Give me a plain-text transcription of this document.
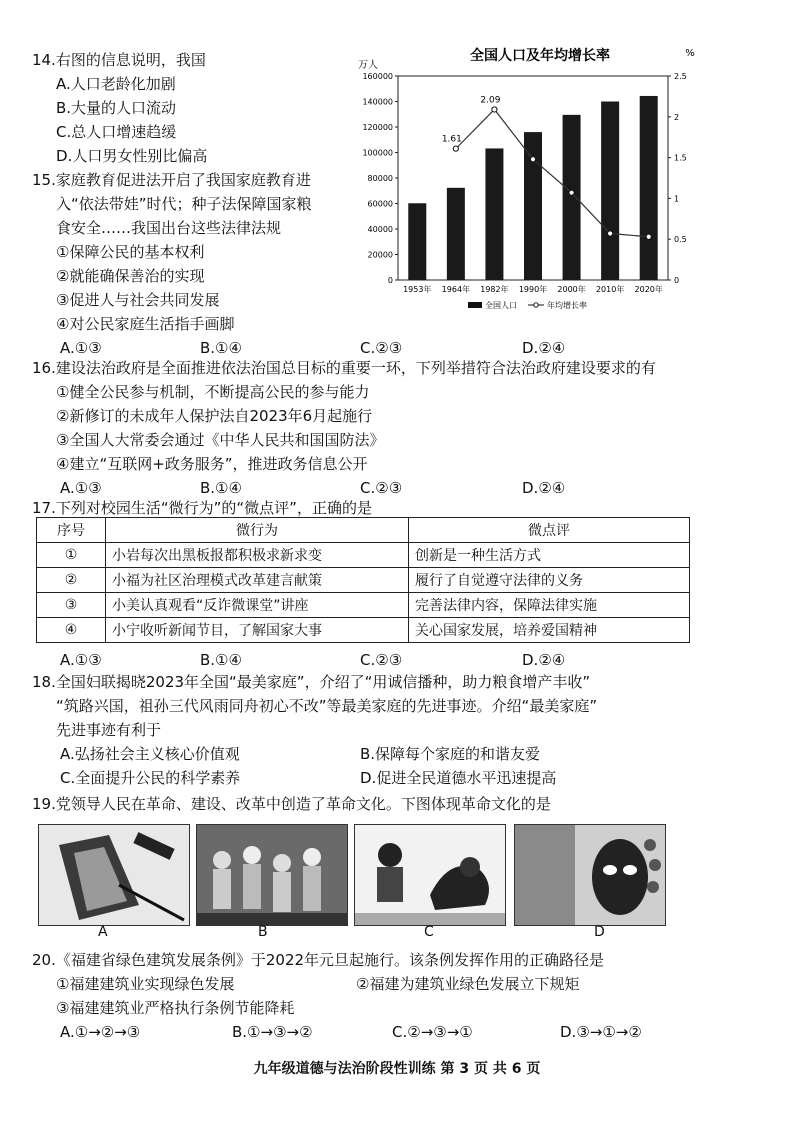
14.右图的信息说明，我国
A.人口老龄化加剧
B.大量的人口流动
C.总人口增速趋缓
D.人口男女性别比偏高
15.家庭教育促进法开启了我国家庭教育进
入“依法带娃”时代；种子法保障国家粮
食安全……我国出台这些法律法规
①保障公民的基本权利
②就能确保善治的实现
③促进人与社会共同发展
④对公民家庭生活指手画脚
A.①③	B.①④	C.②③	D.②④
全国人口及年均增长率
万人
%
0
20000
40000
60000
80000
100000
120000
140000
160000
0
0.5
1
1.5
2
2.5
1.61
2.09
1953年 1964年 1982年 1990年 2000年 2010年 2020年
全国人口	年均增长率
16.建设法治政府是全面推进依法治国总目标的重要一环，下列举措符合法治政府建设要求的有
①健全公民参与机制，不断提高公民的参与能力
②新修订的未成年人保护法自2023年6月起施行
③全国人大常委会通过《中华人民共和国国防法》
④建立“互联网+政务服务”，推进政务信息公开
A.①③	B.①④	C.②③	D.②④
17.下列对校园生活“微行为”的“微点评”，正确的是
序号	微行为	微点评
①	小岩每次出黑板报都积极求新求变	创新是一种生活方式
②	小福为社区治理模式改革建言献策	履行了自觉遵守法律的义务
③	小美认真观看“反诈微课堂”讲座	完善法律内容，保障法律实施
④	小宁收听新闻节目，了解国家大事	关心国家发展，培养爱国精神
A.①③	B.①④	C.②③	D.②④
18.全国妇联揭晓2023年全国“最美家庭”，介绍了“用诚信播种，助力粮食增产丰收”
“筑路兴国，祖孙三代风雨同舟初心不改”等最美家庭的先进事迹。介绍“最美家庭”
先进事迹有利于
A.弘扬社会主义核心价值观	B.保障每个家庭的和谐友爱
C.全面提升公民的科学素养	D.促进全民道德水平迅速提高
19.党领导人民在革命、建设、改革中创造了革命文化。下图体现革命文化的是
A	B	C	D
20.《福建省绿色建筑发展条例》于2022年元旦起施行。该条例发挥作用的正确路径是
①福建建筑业实现绿色发展	②福建为建筑业绿色发展立下规矩
③福建建筑业严格执行条例节能降耗
A.①→②→③	B.①→③→②	C.②→③→①	D.③→①→②
九年级道德与法治阶段性训练 第 3 页 共 6 页
